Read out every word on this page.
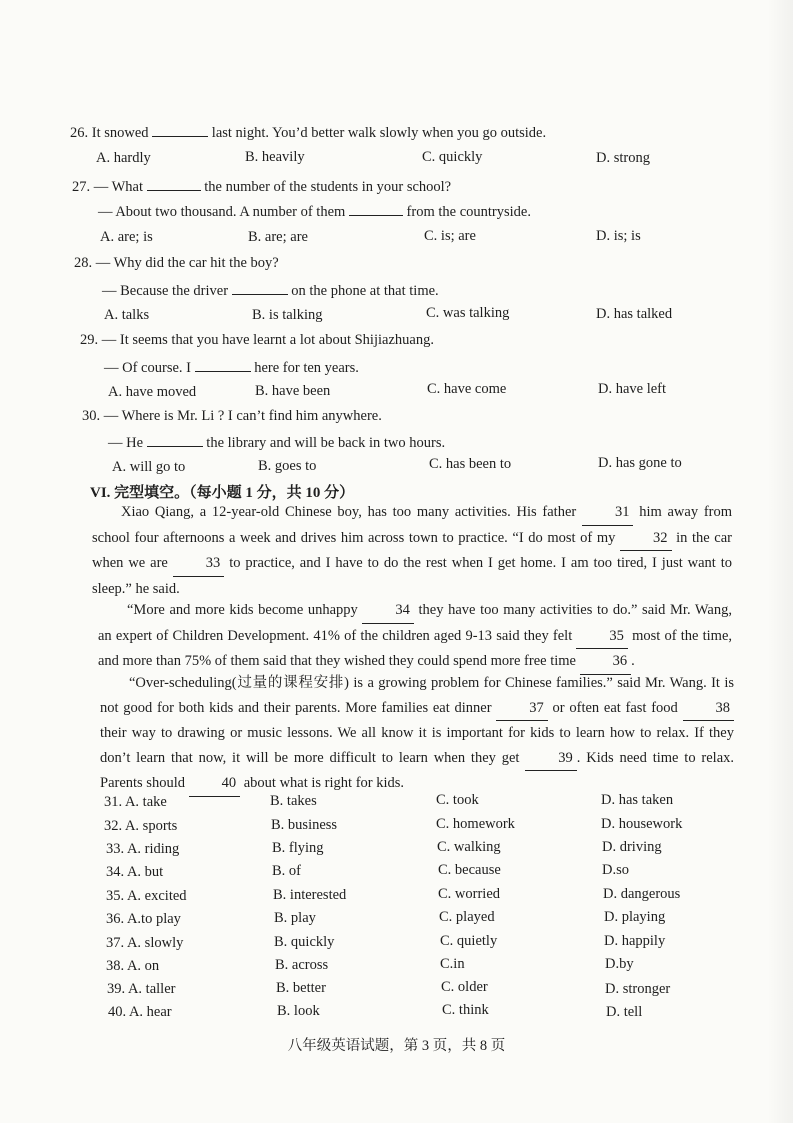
26. It snowed	last night. You’d better walk slowly when you go outside.
A. hardly	B. heavily	C. quickly	D. strong
27. — What	the number of the students in your school?
— About two thousand. A number of them	from the countryside.
A. are; is	B. are; are	C. is; are	D. is; is
28. — Why did the car hit the boy?
— Because the driver	on the phone at that time.
A. talks	B. is talking	C. was talking	D. has talked
29. — It seems that you have learnt a lot about Shijiazhuang.
— Of course. I	here for ten years.
A. have moved	B. have been	C. have come	D. have left
30. — Where is Mr. Li ? I can’t find him anywhere.
— He	the library and will be back in two hours.
A. will go to	B. goes to	C. has been to	D. has gone to
VI. 完型填空。（每小题 1 分，共 10 分）
Xiao Qiang, a 12-year-old Chinese boy, has too many activities. His father	31 him away from school four afternoons a week and drives him across town to practice. “I do most of my	32 in the car when we are	33 to practice, and I have to do the rest when I get home. I am too tired, I just want to sleep.” he said.
“More and more kids become unhappy	34 they have too many activities to do.” said Mr. Wang, an expert of Children Development. 41% of the children aged 9-13 said they felt	35 most of the time, and more than 75% of them said that they wished they could spend more free time	36 .
“Over-scheduling(过量的课程安排) is a growing problem for Chinese families.” said Mr. Wang. It is not good for both kids and their parents. More families eat dinner	37 or often eat fast food	38 their way to drawing or music lessons. We all know it is important for kids to learn how to relax. If they don’t learn that now, it will be more difficult to learn when they get	39 . Kids need time to relax. Parents should	40 about what is right for kids.
31. A. take	B. takes	C. took	D. has taken
32. A. sports	B. business	C. homework	D. housework
33. A. riding	B. flying	C. walking	D. driving
34. A. but	B. of	C. because	D.so
35. A. excited	B. interested	C. worried	D. dangerous
36. A.to play	B. play	C. played	D. playing
37. A. slowly	B. quickly	C. quietly	D. happily
38. A. on	B. across	C.in	D.by
39. A. taller	B. better	C. older	D. stronger
40. A. hear	B. look	C. think	D. tell
八年级英语试题，第 3 页，共 8 页
